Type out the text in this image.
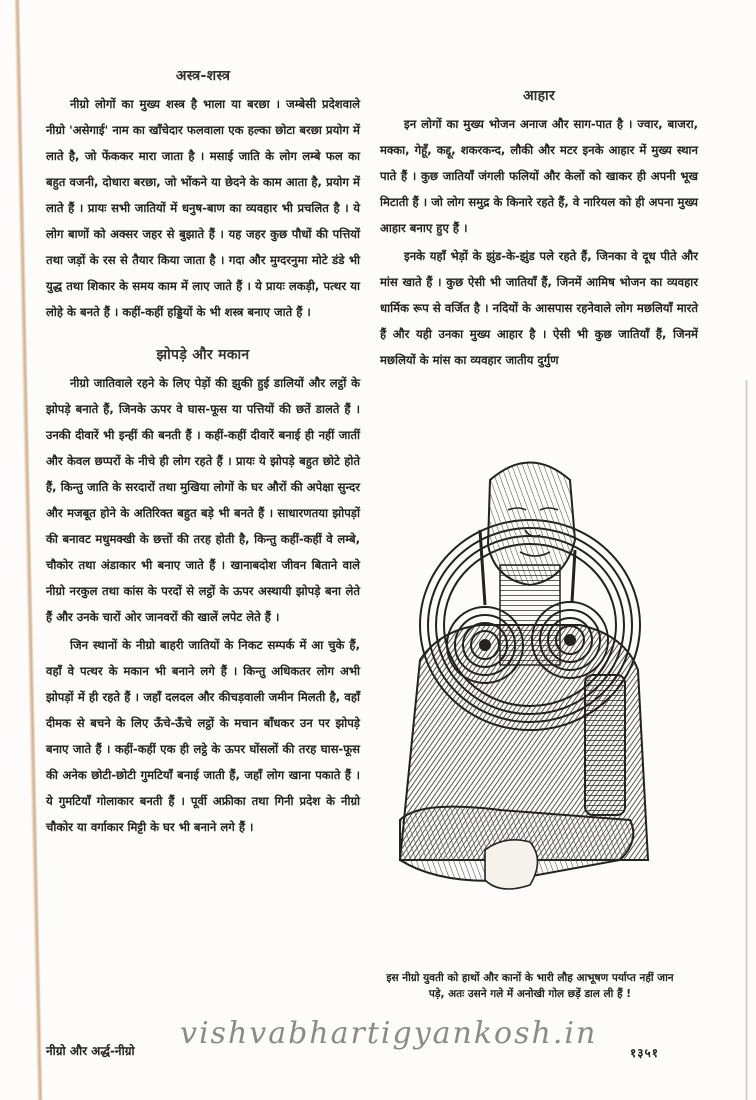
अस्त्र-शस्त्र

नीग्रो लोगों का मुख्य शस्त्र है भाला या बरछा । जम्बेसी प्रदेशवाले नीग्रो 'असेगाई' नाम का खाँचेदार फलवाला एक हल्का छोटा बरछा प्रयोग में लाते है, जो फेंककर मारा जाता है । मसाई जाति के लोग लम्बे फल का बहुत वजनी, दोधारा बरछा, जो भोंकने या छेदने के काम आता है, प्रयोग में लाते हैं । प्रायः सभी जातियों में धनुष-बाण का व्यवहार भी प्रचलित है । ये लोग बाणों को अक्सर जहर से बुझाते हैं । यह जहर कुछ पौधों की पत्तियों तथा जड़ों के रस से तैयार किया जाता है । गदा और मुग्दरनुमा मोटे डंडे भी युद्ध तथा शिकार के समय काम में लाए जाते हैं । ये प्रायः लकड़ी, पत्थर या लोहे के बनते हैं । कहीं-कहीं हड्डियों के भी शस्त्र बनाए जाते हैं ।

झोपड़े और मकान

नीग्रो जातिवाले रहने के लिए पेड़ों की झुकी हुई डालियों और लट्ठों के झोपड़े बनाते हैं, जिनके ऊपर वे घास-फूस या पत्तियों की छतें डालते हैं । उनकी दीवारें भी इन्हीं की बनती हैं । कहीं-कहीं दीवारें बनाई ही नहीं जातीं और केवल छप्परों के नीचे ही लोग रहते हैं । प्रायः ये झोपड़े बहुत छोटे होते हैं, किन्तु जाति के सरदारों तथा मुखिया लोगों के घर औरों की अपेक्षा सुन्दर और मजबूत होने के अतिरिक्त बहुत बड़े भी बनते हैं । साधारणतया झोपड़ों की बनावट मधुमक्खी के छत्तों की तरह होती है, किन्तु कहीं-कहीं वे लम्बे, चौकोर तथा अंडाकार भी बनाए जाते हैं । खानाबदोश जीवन बिताने वाले नीग्रो नरकुल तथा कांस के परदों से लट्ठों के ऊपर अस्थायी झोपड़े बना लेते हैं और उनके चारों ओर जानवरों की खालें लपेट लेते हैं ।

जिन स्थानों के नीग्रो बाहरी जातियों के निकट सम्पर्क में आ चुके हैं, वहाँ वे पत्थर के मकान भी बनाने लगे हैं । किन्तु अधिकतर लोग अभी झोपड़ों में ही रहते हैं । जहाँ दलदल और कीचड़वाली जमीन मिलती है, वहाँ दीमक से बचने के लिए ऊँचे-ऊँचे लट्ठों के मचान बाँधकर उन पर झोपड़े बनाए जाते हैं । कहीं-कहीं एक ही लट्ठे के ऊपर घोंसलों की तरह घास-फूस की अनेक छोटी-छोटी गुमटियाँ बनाई जाती हैं, जहाँ लोग खाना पकाते हैं । ये गुमटियाँ गोलाकार बनती हैं । पूर्वी अफ्रीका तथा गिनी प्रदेश के नीग्रो चौकोर या वर्गाकार मिट्टी के घर भी बनाने लगे हैं ।

आहार

इन लोगों का मुख्य भोजन अनाज और साग-पात है । ज्वार, बाजरा, मक्का, गेहूँ, कद्दू, शकरकन्द, लौकी और मटर इनके आहार में मुख्य स्थान पाते हैं । कुछ जातियाँ जंगली फलियों और केलों को खाकर ही अपनी भूख मिटाती हैं । जो लोग समुद्र के किनारे रहते हैं, वे नारियल को ही अपना मुख्य आहार बनाए हुए हैं ।

इनके यहाँ भेड़ों के झुंड-के-झुंड पले रहते हैं, जिनका वे दूध पीते और मांस खाते हैं । कुछ ऐसी भी जातियाँ हैं, जिनमें आमिष भोजन का व्यवहार धार्मिक रूप से वर्जित है । नदियों के आसपास रहनेवाले लोग मछलियाँ मारते हैं और यही उनका मुख्य आहार है । ऐसी भी कुछ जातियाँ हैं, जिनमें मछलियों के मांस का व्यवहार जातीय दुर्गुण

इस नीग्रो युवती को हाथों और कानों के भारी लौह आभूषण पर्याप्त नहीं जान पड़े, अतः उसने गले में अनोखी गोल छड़ें डाल ली हैं !
नीग्रो और अर्द्ध-नीग्रो vishvabhartigyankosh.in
१३५१
